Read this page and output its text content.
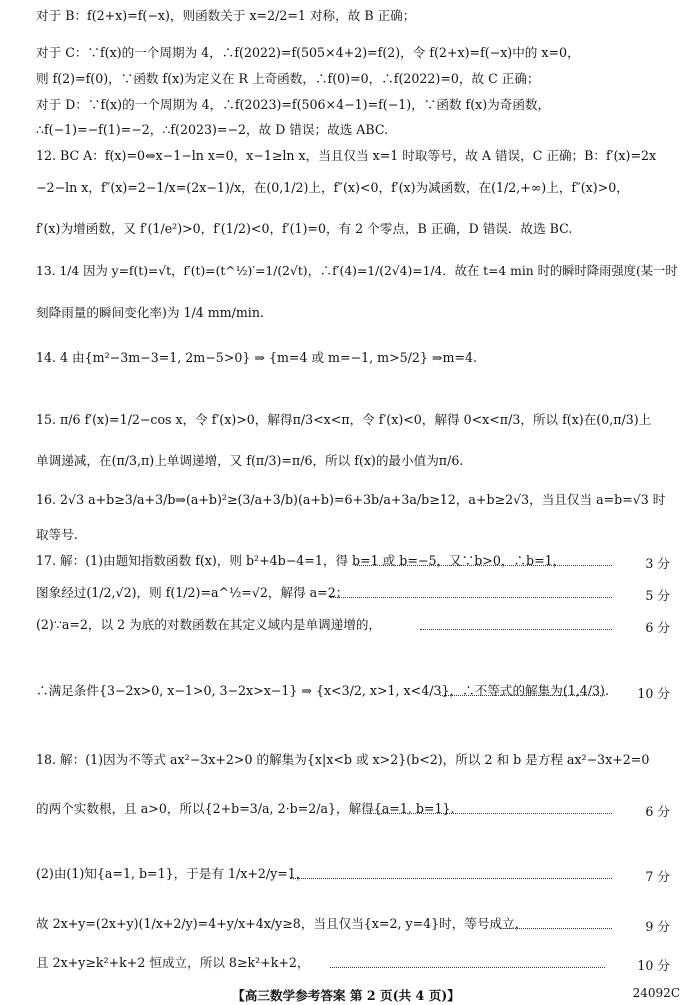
对于 B：f(2+x)=f(−x)，则函数关于 x=2/2=1 对称，故 B 正确；
对于 C：∵f(x)的一个周期为 4，∴f(2022)=f(505×4+2)=f(2)，令 f(2+x)=f(−x)中的 x=0，
则 f(2)=f(0)，∵函数 f(x)为定义在 R 上奇函数，∴f(0)=0，∴f(2022)=0，故 C 正确；
对于 D：∵f(x)的一个周期为 4，∴f(2023)=f(506×4−1)=f(−1)，∵函数 f(x)为奇函数，
∴f(−1)=−f(1)=−2，∴f(2023)=−2，故 D 错误；故选 ABC.
12. BC A：f(x)=0⇔x−1−ln x=0，x−1≥ln x，当且仅当 x=1 时取等号，故 A 错误，C 正确；B：f′(x)=2x
−2−ln x，f″(x)=2−1/x=(2x−1)/x，在(0,1/2)上，f″(x)<0，f′(x)为减函数，在(1/2,+∞)上，f″(x)>0，
f′(x)为增函数，又 f′(1/e²)>0，f′(1/2)<0，f′(1)=0，有 2 个零点，B 正确，D 错误．故选 BC.
13. 1/4 因为 y=f(t)=√t，f′(t)=(t^½)′=1/(2√t)，∴f′(4)=1/(2√4)=1/4．故在 t=4 min 时的瞬时降雨强度(某一时
刻降雨量的瞬间变化率)为 1/4 mm/min.
14. 4 由{m²−3m−3=1, 2m−5>0} ⇒ {m=4 或 m=−1, m>5/2} ⇒m=4.
15. π/6 f′(x)=1/2−cos x，令 f′(x)>0，解得π/3<x<π，令 f′(x)<0，解得 0<x<π/3，所以 f(x)在(0,π/3)上
单调递减，在(π/3,π)上单调递增，又 f(π/3)=π/6，所以 f(x)的最小值为π/6.
16. 2√3 a+b≥3/a+3/b⇒(a+b)²≥(3/a+3/b)(a+b)=6+3b/a+3a/b≥12，a+b≥2√3，当且仅当 a=b=√3 时
取等号.
17. 解：(1)由题知指数函数 f(x)，则 b²+4b−4=1，得 b=1 或 b=−5，又∵b>0，∴b=1，
图象经过(1/2,√2)，则 f(1/2)=a^½=√2，解得 a=2；
(2)∵a=2，以 2 为底的对数函数在其定义域内是单调递增的，
∴满足条件{3−2x>0, x−1>0, 3−2x>x−1} ⇒ {x<3/2, x>1, x<4/3}，∴不等式的解集为(1,4/3).
18. 解：(1)因为不等式 ax²−3x+2>0 的解集为{x|x<b 或 x>2}(b<2)，所以 2 和 b 是方程 ax²−3x+2=0
的两个实数根，且 a>0，所以{2+b=3/a, 2·b=2/a}，解得{a=1, b=1}.
(2)由(1)知{a=1, b=1}，于是有 1/x+2/y=1，
故 2x+y=(2x+y)(1/x+2/y)=4+y/x+4x/y≥8，当且仅当{x=2, y=4}时，等号成立，
且 2x+y≥k²+k+2 恒成立，所以 8≥k²+k+2，
3 分
5 分
6 分
10 分
6 分
7 分
9 分
10 分
【高三数学参考答案 第 2 页(共 4 页)】	24092C
